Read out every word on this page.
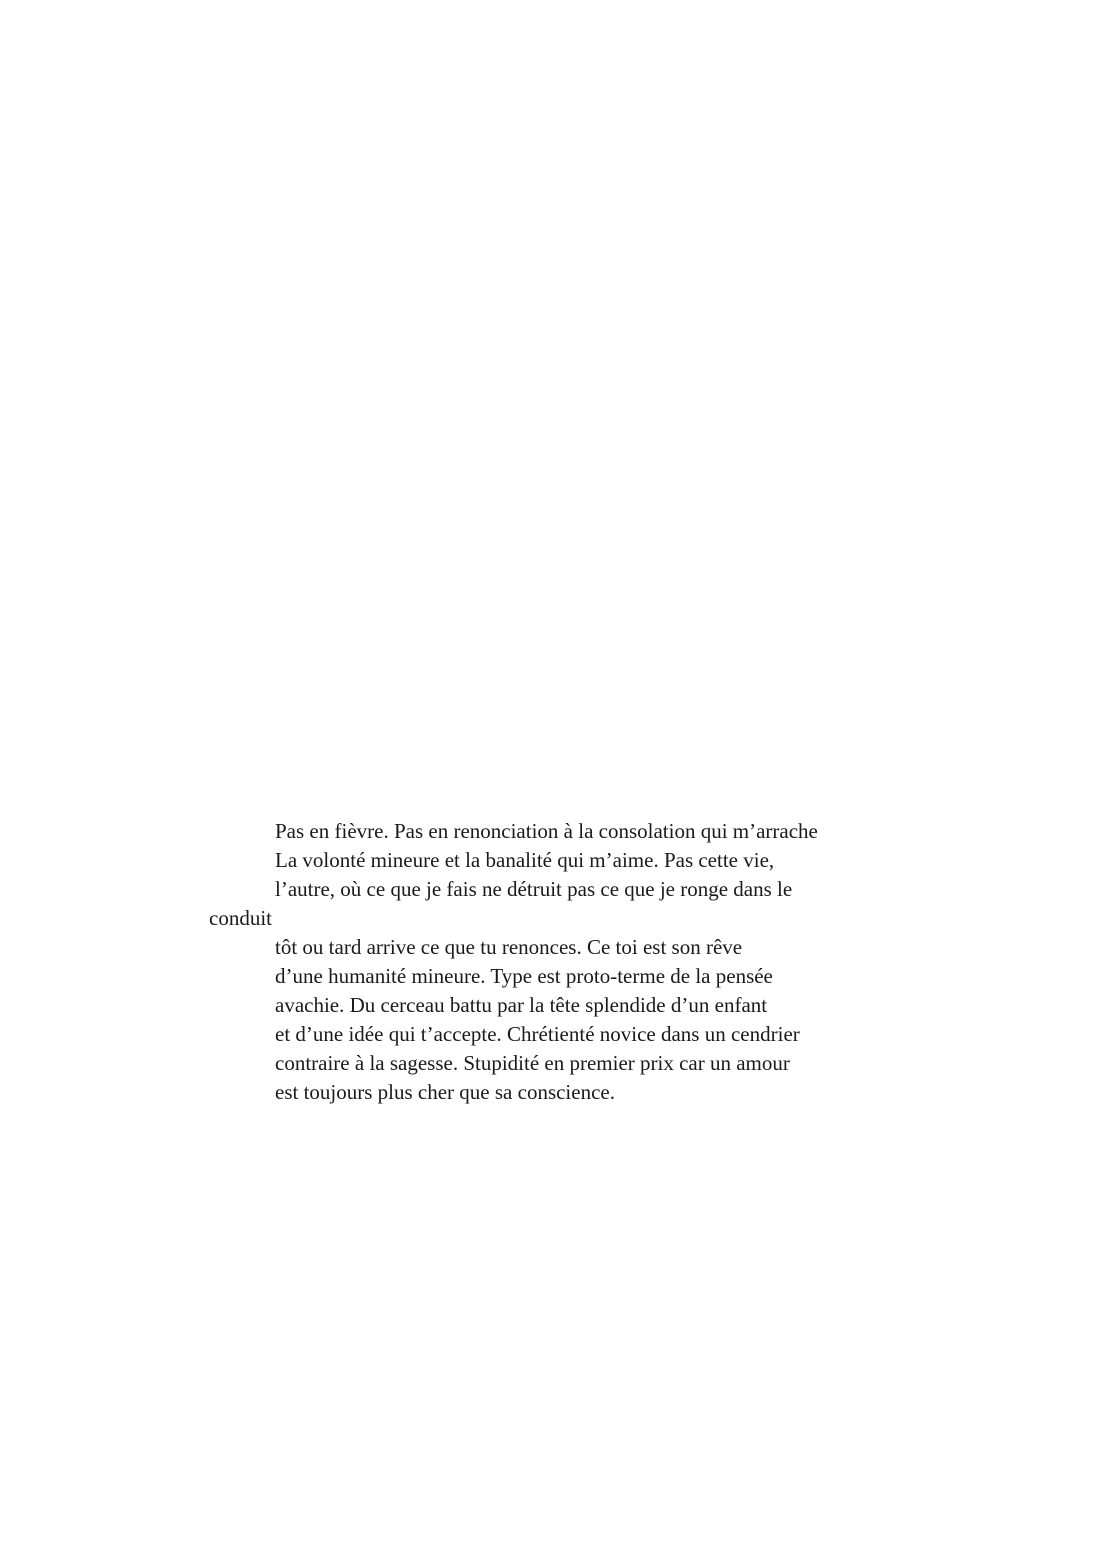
Pas en fièvre. Pas en renonciation à la consolation qui m’arrache
La volonté mineure et la banalité qui m’aime. Pas cette vie,
l’autre, où ce que je fais ne détruit pas ce que je ronge dans le
conduit
tôt ou tard arrive ce que tu renonces. Ce toi est son rêve
d’une humanité mineure. Type est proto-terme de la pensée
avachie. Du cerceau battu par la tête splendide d’un enfant
et d’une idée qui t’accepte. Chrétienté novice dans un cendrier
contraire à la sagesse. Stupidité en premier prix car un amour
est toujours plus cher que sa conscience.
